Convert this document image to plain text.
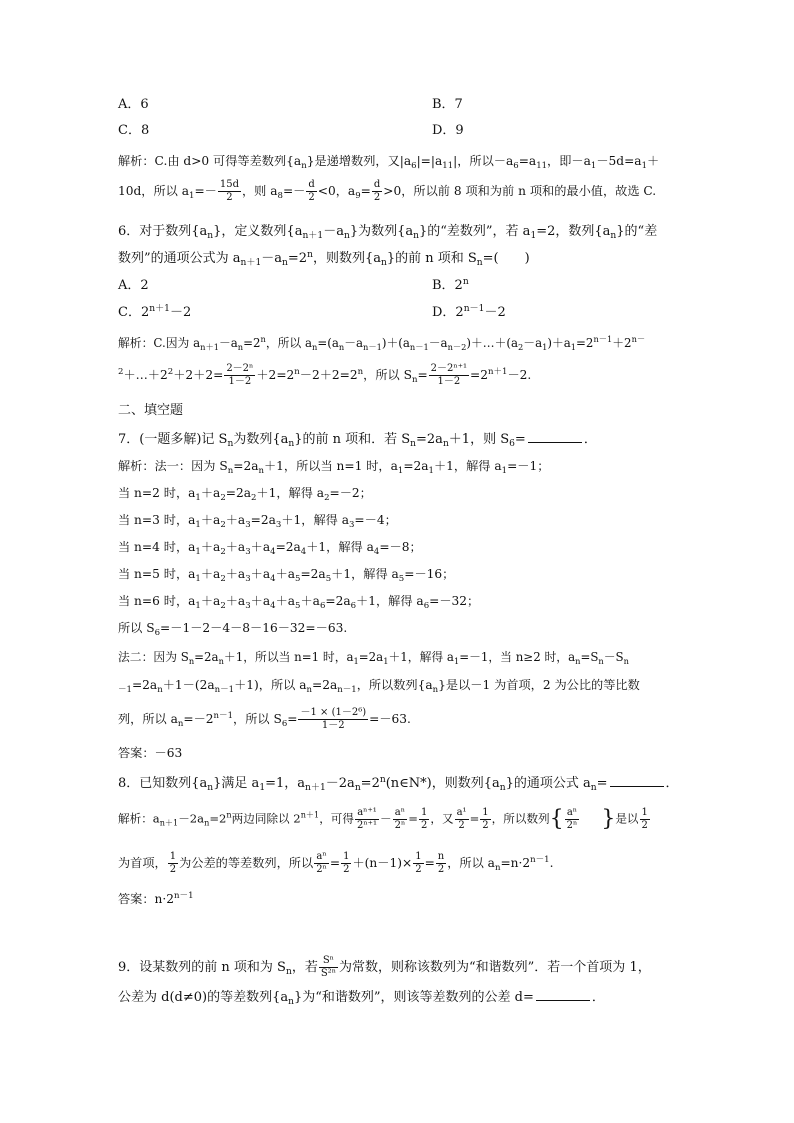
A．6	B．7
C．8	D．9
解析：C.由 d>0 可得等差数列$\{a_n\}$是递增数列，又$|a_6|=|a_{11}|$，所以$-a_6=a_{11}$，即$-a_1-5d=a_1+$
10d，所以 $a_1=- \frac{15d}{2}$ ，则 $a_8=- \frac{d}{2} <0$，$a_9= \frac{d}{2} >0$，所以前 8 项和为前 n 项和的最小值，故选 C.
6．对于数列$\{a_n\}$，定义数列$\{a_{n+1}-a_n\}$为数列$\{a_n\}$的“差数列”，若 $a_1=2$，数列$\{a_n\}$的“差
数列”的通项公式为 $a_{n+1}-a_n=2^n$，则数列$\{a_n\}$的前 n 项和 $S_n=$(　　)
A．2	B．2$^n$
C．$2^{n+1}-2$	D．$2^{n-1}-2$
解析：C.因为 $a_{n+1}-a_n=2^n$，所以 $a_n=(a_n-a_{n-1})+(a_{n-1}-a_{n-2})+\dots+(a_2-a_1)+a_1=2^{n-1}+2^{n-}$
$^2+\dots+2^2+2+2= \frac{\text{2－2ⁿ}}{1-2} +2=2^n-2+2=2^n$，所以 $S_n= \frac{\text{2－2ⁿ⁺¹}}{1-2} =2^{n+1}-2$.
二、填空题
7．(一题多解)记 $S_n$为数列$\{a_n\}$的前 n 项和．若 $S_n=2a_n+1$，则 $S_6=$	．
解析：法一：因为 $S_n=2a_n+1$，所以当 n=1 时，$a_1=2a_1+1$，解得 $a_1=-1$；
当 n=2 时，$a_1+a_2=2a_2+1$，解得 $a_2=-2$；
当 n=3 时，$a_1+a_2+a_3=2a_3+1$，解得 $a_3=-4$；
当 n=4 时，$a_1+a_2+a_3+a_4=2a_4+1$，解得 $a_4=-8$；
当 n=5 时，$a_1+a_2+a_3+a_4+a_5=2a_5+1$，解得 $a_5=-16$；
当 n=6 时，$a_1+a_2+a_3+a_4+a_5+a_6=2a_6+1$，解得 $a_6=-32$；
所以 $S_6=-1-2-4-8-16-32=-63$.
法二：因为 $S_n=2a_n+1$，所以当 n=1 时，$a_1=2a_1+1$，解得 $a_1=-1$，当 n≥2 时，$a_n=S_n-S_n$
$_{-1}=2a_n+1-(2a_{n-1}+1)$，所以 $a_n=2a_{n-1}$，所以数列$\{a_n\}$是以－1 为首项，2 为公比的等比数
列，所以 $a_n=-2^{n-1}$，所以 $S_6= \frac{\text{－1 × (1－2⁶)}}{1-2} =-63$.
答案：－63
8．已知数列$\{a_n\}$满足 $a_1=1$，$a_{n+1}-2a_n=2^n(n\in N*)$，则数列$\{a_n\}$的通项公式 $a_n=$	．
解析：$a_{n+1}-2a_n=2^n$两边同除以 $2^{n+1}$，可得 $\frac{\text{aⁿ⁺¹}}{\text{2ⁿ⁺¹}} - \frac{\text{aⁿ}}{\text{2ⁿ}} = \frac{1}{2}$ ，又 $\frac{\text{a¹}}{2} = \frac{1}{2}$ ，所以数列{ $\frac{\text{aⁿ}}{\text{2ⁿ}}$ }是以 $\frac{1}{2}$
为首项， $\frac{1}{2}$ 为公差的等差数列，所以 $\frac{\text{aⁿ}}{\text{2ⁿ}} = \frac{1}{2} +(n-1)\times \frac{1}{2} = \frac{n}{2}$ ，所以 $a_n=n\cdot 2^{n-1}$.
答案：$n\cdot 2^{n-1}$
9．设某数列的前 n 项和为 $S_n$，若 $\frac{\text{Sⁿ}}{\text{S²ⁿ}}$ 为常数，则称该数列为“和谐数列”．若一个首项为 1，
公差为 d(d≠0)的等差数列$\{a_n\}$为“和谐数列”，则该等差数列的公差 d=	．
